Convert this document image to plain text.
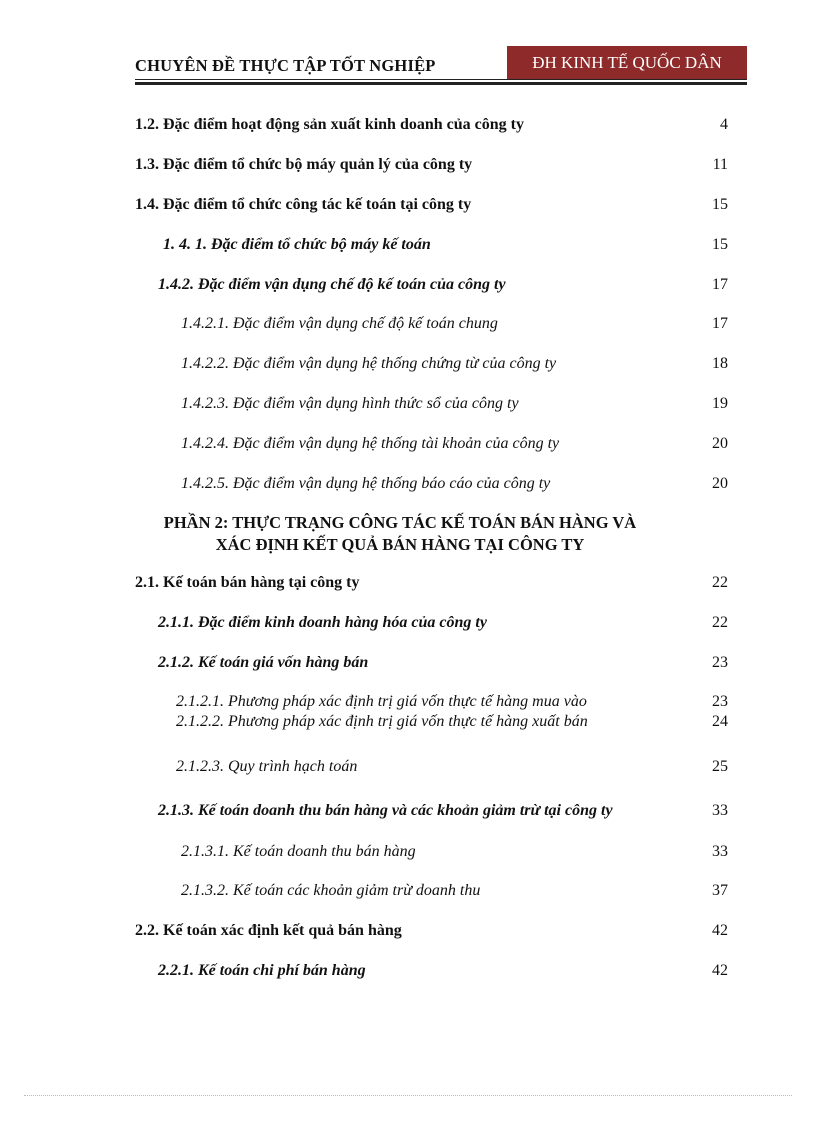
CHUYÊN ĐỀ THỰC TẬP TỐT NGHIỆP	ĐH KINH TẾ QUỐC DÂN
1.2. Đặc điểm hoạt động sản xuất kinh doanh của công ty	4
1.3. Đặc điểm tổ chức bộ máy quản lý của công ty	11
1.4. Đặc điểm tổ chức công tác kế toán tại công ty	15
1. 4. 1. Đặc điểm tổ chức bộ máy kế toán	15
1.4.2. Đặc điểm vận dụng chế độ kế toán của công ty	17
1.4.2.1. Đặc điểm vận dụng chế độ kế toán chung	17
1.4.2.2. Đặc điểm vận dụng hệ thống chứng từ của công ty	18
1.4.2.3. Đặc điểm vận dụng hình thức sổ của công ty	19
1.4.2.4. Đặc điểm vận dụng hệ thống tài khoản của công ty	20
1.4.2.5. Đặc điểm vận dụng hệ thống báo cáo của công ty	20
PHẦN 2: THỰC TRẠNG CÔNG TÁC KẾ TOÁN BÁN HÀNG VÀ
XÁC ĐỊNH KẾT QUẢ BÁN HÀNG TẠI CÔNG TY
2.1. Kế toán bán hàng tại công ty	22
2.1.1. Đặc điểm kinh doanh hàng hóa của công ty	22
2.1.2. Kế toán giá vốn hàng bán	23
2.1.2.1. Phương pháp xác định trị giá vốn thực tế hàng mua vào	23
2.1.2.2. Phương pháp xác định trị giá vốn thực tế hàng xuất bán	24
2.1.2.3. Quy trình hạch toán	25
2.1.3. Kế toán doanh thu bán hàng và các khoản giảm trừ tại công ty	33
2.1.3.1. Kế toán doanh thu bán hàng	33
2.1.3.2. Kế toán các khoản giảm trừ doanh thu	37
2.2. Kế toán xác định kết quả bán hàng	42
2.2.1. Kế toán chi phí bán hàng	42
